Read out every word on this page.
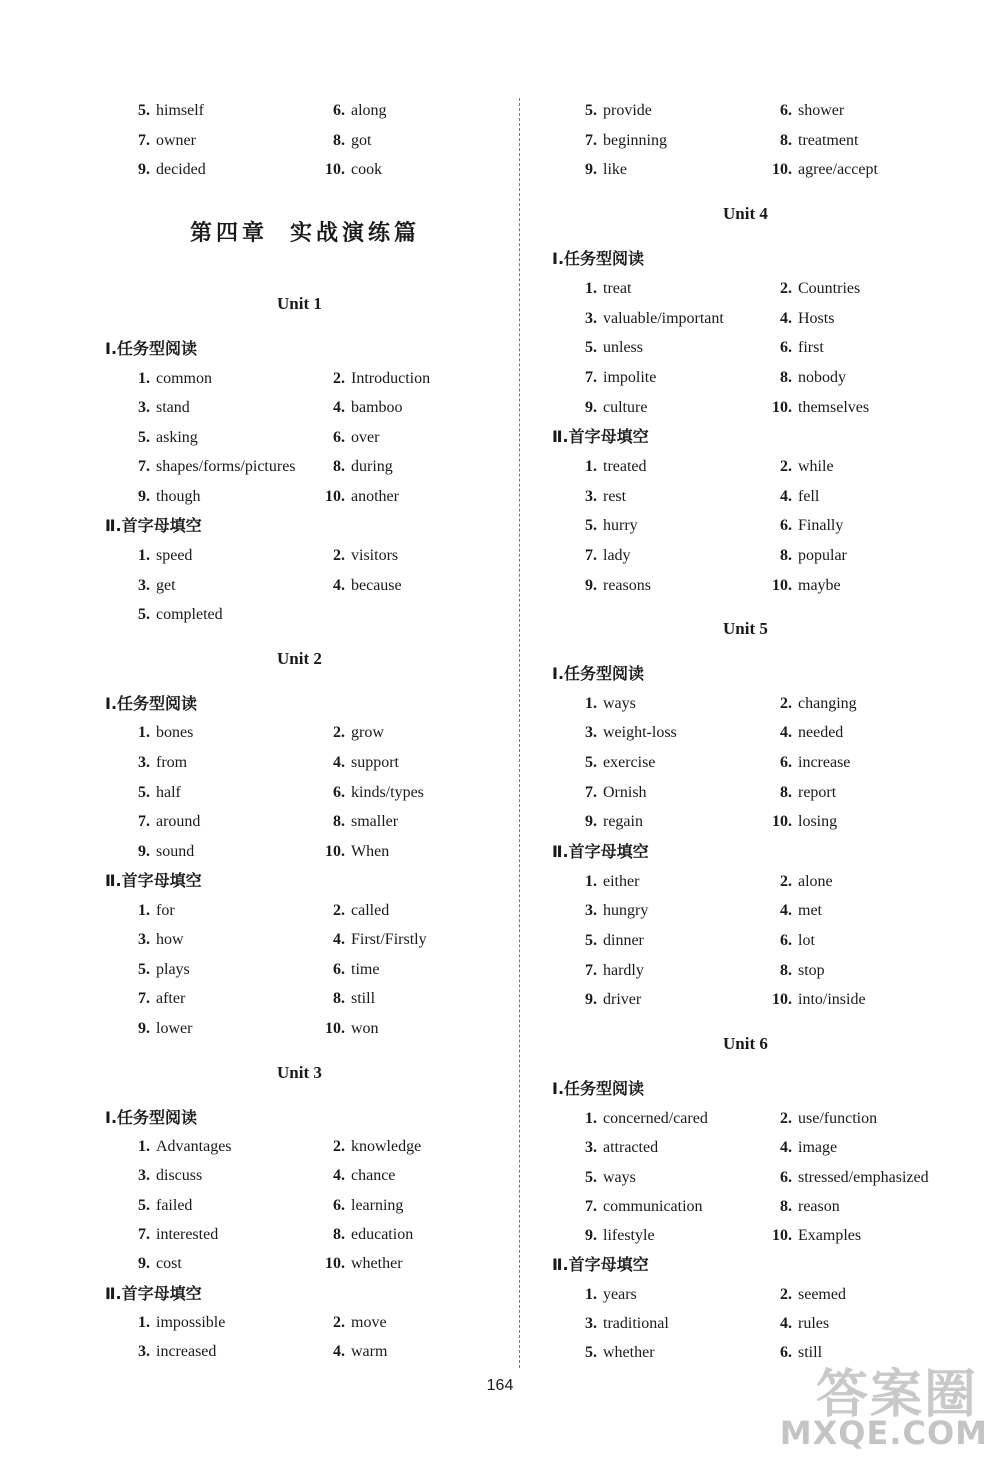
5 . himself	6 . along
7 . owner	8 . got
9 . decided	10 . cook
Unit 1
Ⅰ.任务型阅读
1 . common	2 . Introduction
3 . stand	4 . bamboo
5 . asking	6 . over
7 . shapes/forms/pictures	8 . during
9 . though	10 . another
Ⅱ.首字母填空
1 . speed	2 . visitors
3 . get	4 . because
5 . completed
Unit 2
Ⅰ.任务型阅读
1 . bones	2 . grow
3 . from	4 . support
5 . half	6 . kinds/types
7 . around	8 . smaller
9 . sound	10 . When
Ⅱ.首字母填空
1 . for	2 . called
3 . how	4 . First/Firstly
5 . plays	6 . time
7 . after	8 . still
9 . lower	10 . won
Unit 3
Ⅰ.任务型阅读
1 . Advantages	2 . knowledge
3 . discuss	4 . chance
5 . failed	6 . learning
7 . interested	8 . education
9 . cost	10 . whether
Ⅱ.首字母填空
1 . impossible	2 . move
3 . increased	4 . warm
5 . provide	6 . shower
7 . beginning	8 . treatment
9 . like	10 . agree/accept
Unit 4
Ⅰ.任务型阅读
1 . treat	2 . Countries
3 . valuable/important	4 . Hosts
5 . unless	6 . first
7 . impolite	8 . nobody
9 . culture	10 . themselves
Ⅱ.首字母填空
1 . treated	2 . while
3 . rest	4 . fell
5 . hurry	6 . Finally
7 . lady	8 . popular
9 . reasons	10 . maybe
Unit 5
Ⅰ.任务型阅读
1 . ways	2 . changing
3 . weight-loss	4 . needed
5 . exercise	6 . increase
7 . Ornish	8 . report
9 . regain	10 . losing
Ⅱ.首字母填空
1 . either	2 . alone
3 . hungry	4 . met
5 . dinner	6 . lot
7 . hardly	8 . stop
9 . driver	10 . into/inside
Unit 6
Ⅰ.任务型阅读
1 . concerned/cared	2 . use/function
3 . attracted	4 . image
5 . ways	6 . stressed/emphasized
7 . communication	8 . reason
9 . lifestyle	10 . Examples
Ⅱ.首字母填空
1 . years	2 . seemed
3 . traditional	4 . rules
5 . whether	6 . still
第四章 实战演练篇
164	答案圈
MXQE.COM
